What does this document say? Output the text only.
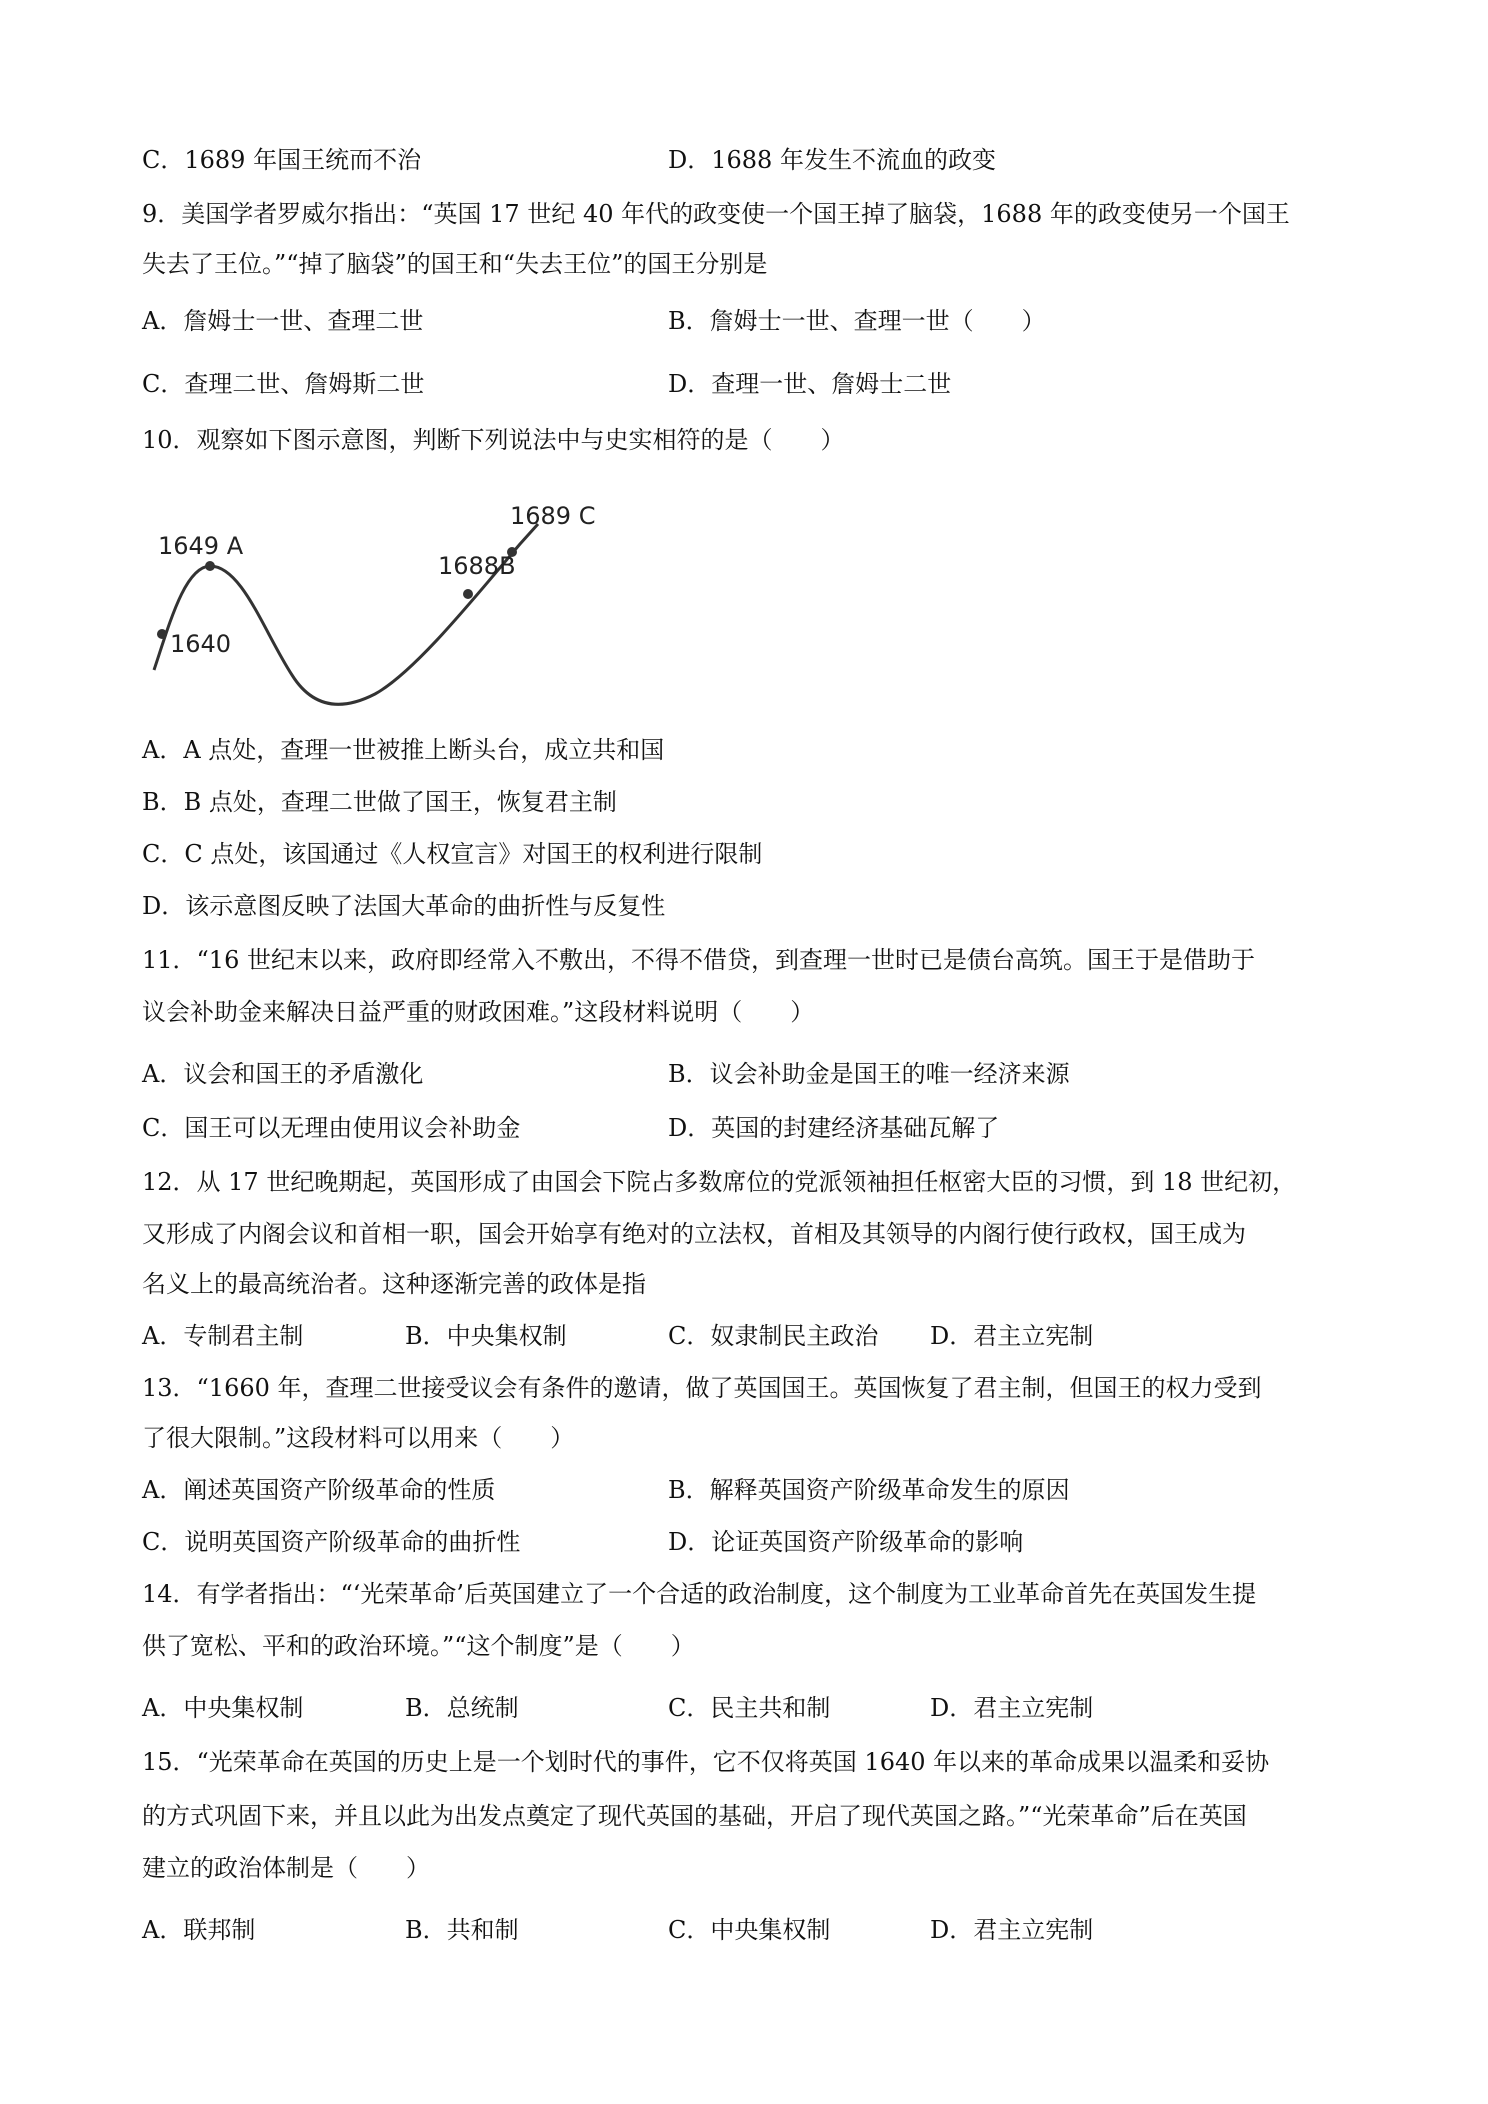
C．1689 年国王统而不治	D．1688 年发生不流血的政变
9．美国学者罗威尔指出：“英国 17 世纪 40 年代的政变使一个国王掉了脑袋，1688 年的政变使另一个国王
失去了王位。”“掉了脑袋”的国王和“失去王位”的国王分别是
A．詹姆士一世、查理二世	B．詹姆士一世、查理一世（　　）
C．查理二世、詹姆斯二世	D．查理一世、詹姆士二世
10．观察如下图示意图，判断下列说法中与史实相符的是（　　）
1640
1649 A
1688B
1689 C
A．A 点处，查理一世被推上断头台，成立共和国
B．B 点处，查理二世做了国王，恢复君主制
C．C 点处，该国通过《人权宣言》对国王的权利进行限制
D．该示意图反映了法国大革命的曲折性与反复性
11．“16 世纪末以来，政府即经常入不敷出，不得不借贷，到查理一世时已是债台高筑。国王于是借助于
议会补助金来解决日益严重的财政困难。”这段材料说明（　　）
A．议会和国王的矛盾激化	B．议会补助金是国王的唯一经济来源
C．国王可以无理由使用议会补助金	D．英国的封建经济基础瓦解了
12．从 17 世纪晚期起，英国形成了由国会下院占多数席位的党派领袖担任枢密大臣的习惯，到 18 世纪初，
又形成了内阁会议和首相一职，国会开始享有绝对的立法权，首相及其领导的内阁行使行政权，国王成为
名义上的最高统治者。这种逐渐完善的政体是指
A．专制君主制	B．中央集权制	C．奴隶制民主政治 D．君主立宪制
13．“1660 年，查理二世接受议会有条件的邀请，做了英国国王。英国恢复了君主制，但国王的权力受到
了很大限制。”这段材料可以用来（　　）
A．阐述英国资产阶级革命的性质	B．解释英国资产阶级革命发生的原因
C．说明英国资产阶级革命的曲折性	D．论证英国资产阶级革命的影响
14．有学者指出：“‘光荣革命’后英国建立了一个合适的政治制度，这个制度为工业革命首先在英国发生提
供了宽松、平和的政治环境。”“这个制度”是（　　）
A．中央集权制	B．总统制	C．民主共和制	D．君主立宪制
15．“光荣革命在英国的历史上是一个划时代的事件，它不仅将英国 1640 年以来的革命成果以温柔和妥协
的方式巩固下来，并且以此为出发点奠定了现代英国的基础，开启了现代英国之路。”“光荣革命”后在英国
建立的政治体制是（　　）
A．联邦制	B．共和制	C．中央集权制	D．君主立宪制
